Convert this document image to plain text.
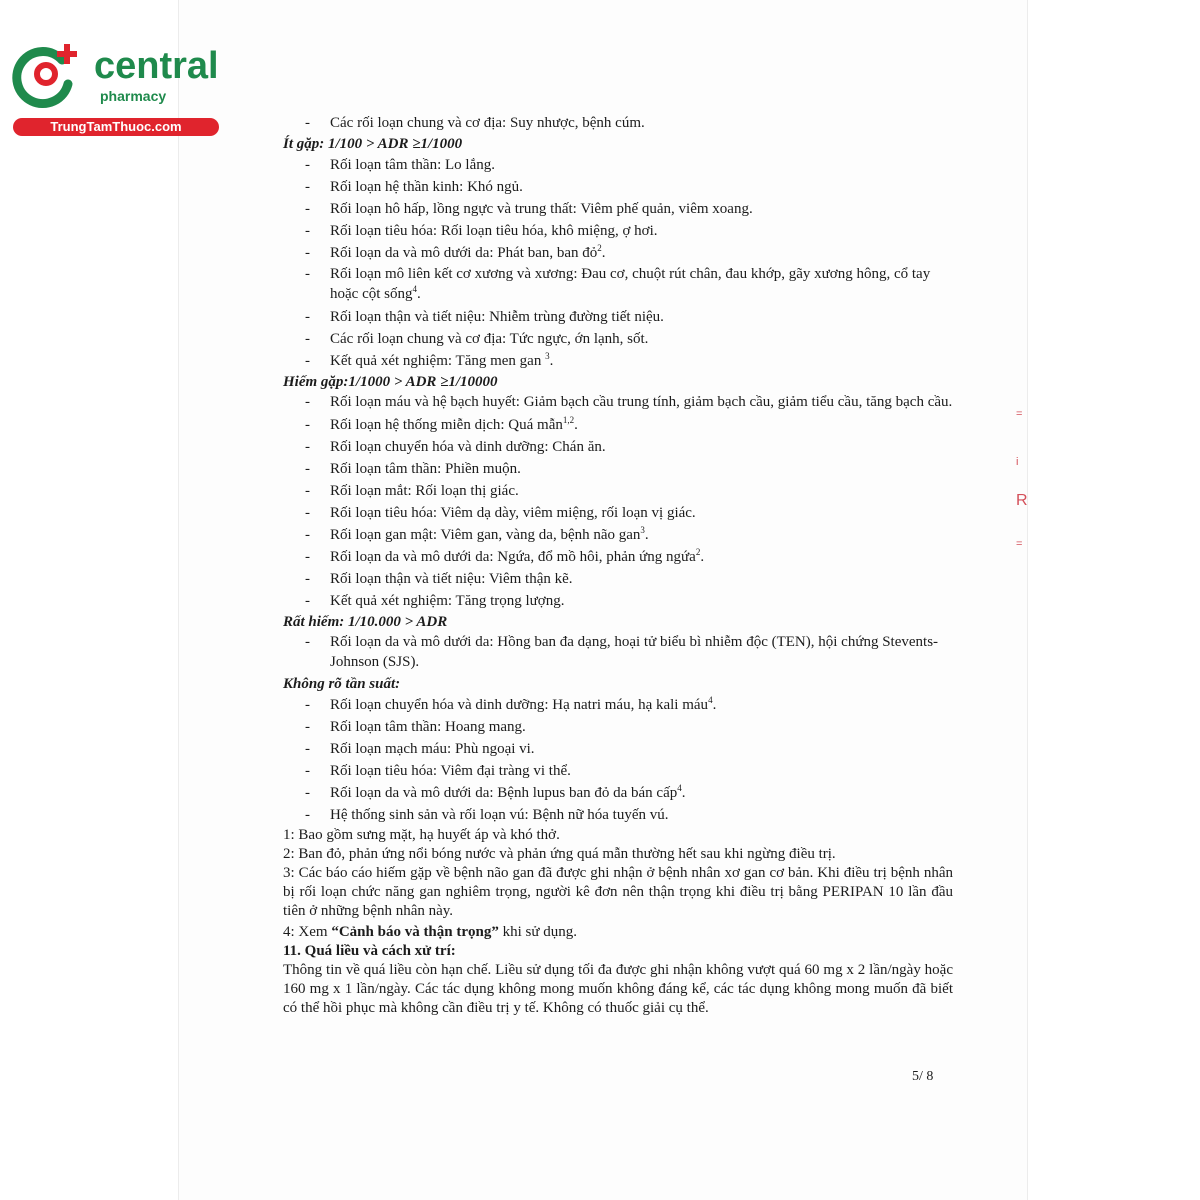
central
pharmacy
TrungTamThuoc.com
=
i
R
=
- Các rối loạn chung và cơ địa: Suy nhược, bệnh cúm.
Ít gặp: 1/100 > ADR ≥1/1000
- Rối loạn tâm thần: Lo lắng.
- Rối loạn hệ thần kinh: Khó ngủ.
- Rối loạn hô hấp, lồng ngực và trung thất: Viêm phế quản, viêm xoang.
- Rối loạn tiêu hóa: Rối loạn tiêu hóa, khô miệng, ợ hơi.
- Rối loạn da và mô dưới da: Phát ban, ban đỏ$^2$.
- Rối loạn mô liên kết cơ xương và xương: Đau cơ, chuột rút chân, đau khớp, gãy xương hông, cổ tay hoặc cột sống$^4$.
- Rối loạn thận và tiết niệu: Nhiễm trùng đường tiết niệu.
- Các rối loạn chung và cơ địa: Tức ngực, ớn lạnh, sốt.
- Kết quả xét nghiệm: Tăng men gan $^3$.
Hiếm gặp:1/1000 > ADR ≥1/10000
- Rối loạn máu và hệ bạch huyết: Giảm bạch cầu trung tính, giảm bạch cầu, giảm tiểu cầu, tăng bạch cầu.
- Rối loạn hệ thống miễn dịch: Quá mẫn$^{1,2}$.
- Rối loạn chuyển hóa và dinh dưỡng: Chán ăn.
- Rối loạn tâm thần: Phiền muộn.
- Rối loạn mắt: Rối loạn thị giác.
- Rối loạn tiêu hóa: Viêm dạ dày, viêm miệng, rối loạn vị giác.
- Rối loạn gan mật: Viêm gan, vàng da, bệnh não gan$^3$.
- Rối loạn da và mô dưới da: Ngứa, đổ mồ hôi, phản ứng ngứa$^2$.
- Rối loạn thận và tiết niệu: Viêm thận kẽ.
- Kết quả xét nghiệm: Tăng trọng lượng.
Rất hiếm: 1/10.000 > ADR
- Rối loạn da và mô dưới da: Hồng ban đa dạng, hoại tử biểu bì nhiễm độc (TEN), hội chứng Stevents-Johnson (SJS).
Không rõ tần suất:
- Rối loạn chuyển hóa và dinh dưỡng: Hạ natri máu, hạ kali máu$^4$.
- Rối loạn tâm thần: Hoang mang.
- Rối loạn mạch máu: Phù ngoại vi.
- Rối loạn tiêu hóa: Viêm đại tràng vi thể.
- Rối loạn da và mô dưới da: Bệnh lupus ban đỏ da bán cấp$^4$.
- Hệ thống sinh sản và rối loạn vú: Bệnh nữ hóa tuyến vú.
1: Bao gồm sưng mặt, hạ huyết áp và khó thở.
2: Ban đỏ, phản ứng nổi bóng nước và phản ứng quá mẫn thường hết sau khi ngừng điều trị.
3: Các báo cáo hiếm gặp về bệnh não gan đã được ghi nhận ở bệnh nhân xơ gan cơ bản. Khi điều trị bệnh nhân bị rối loạn chức năng gan nghiêm trọng, người kê đơn nên thận trọng khi điều trị bằng PERIPAN 10 lần đầu tiên ở những bệnh nhân này.
4: Xem “Cảnh báo và thận trọng” khi sử dụng.
11. Quá liều và cách xử trí:
Thông tin về quá liều còn hạn chế. Liều sử dụng tối đa được ghi nhận không vượt quá 60 mg x 2 lần/ngày hoặc 160 mg x 1 lần/ngày. Các tác dụng không mong muốn không đáng kể, các tác dụng không mong muốn đã biết có thể hồi phục mà không cần điều trị y tế. Không có thuốc giải cụ thể.
5/ 8
